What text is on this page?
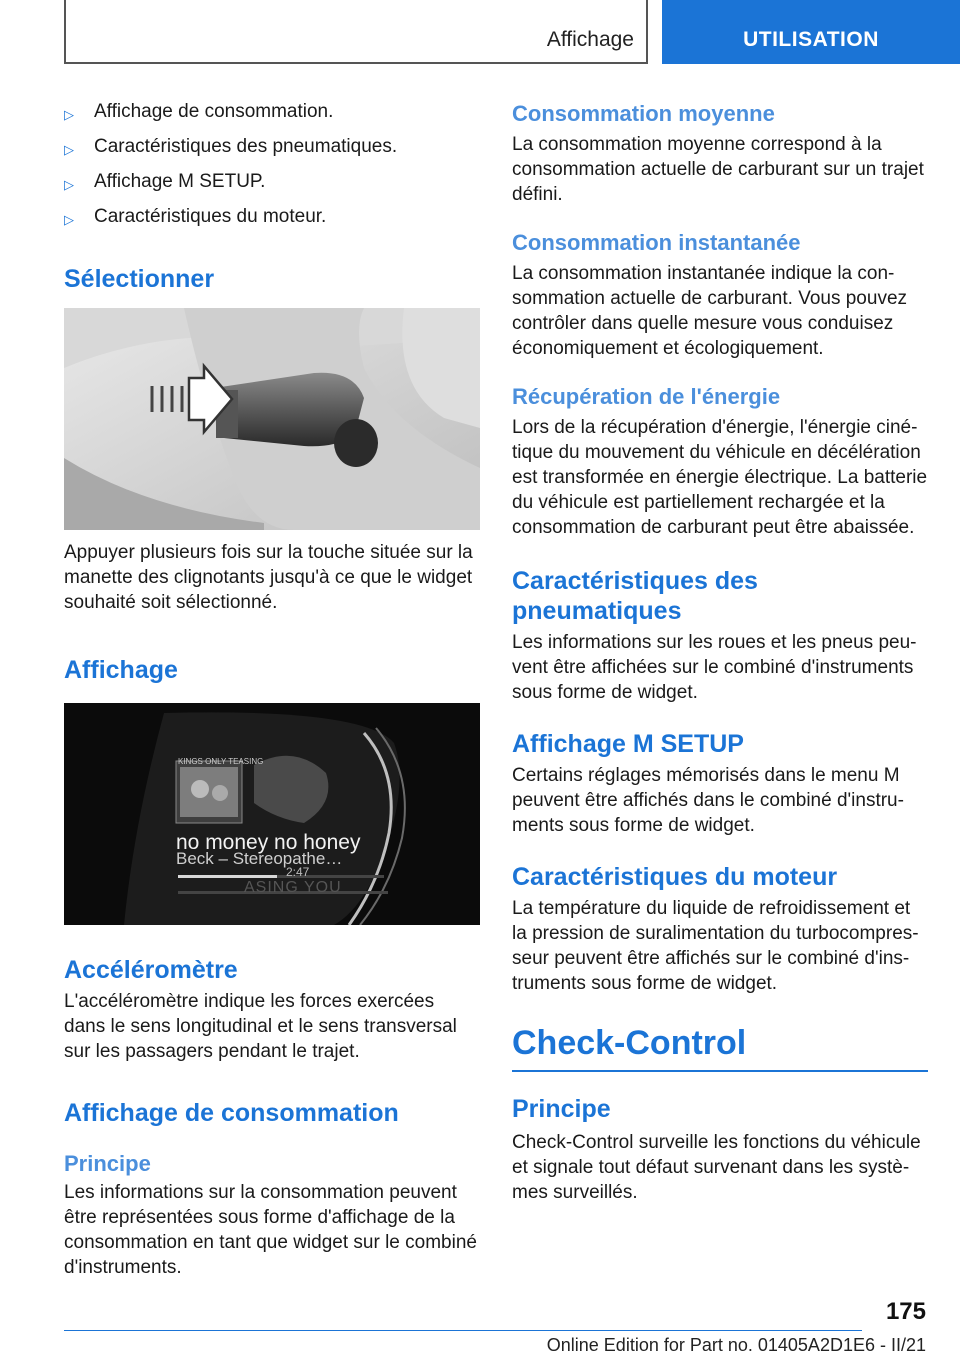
Affichage	UTILISATION
▷	Affichage de consommation.
▷	Caractéristiques des pneumatiques.
▷	Affichage M SETUP.
▷	Caractéristiques du moteur.
Sélectionner

Appuyer plusieurs fois sur la touche située sur la manette des clignotants jusqu'à ce que le widget souhaité soit sélectionné.

Affichage
KINGS ONLY TEASING
no money no honey
Beck – Stereopathe…
2:47
ASING YOU
Accéléromètre

L'accéléromètre indique les forces exercées dans le sens longitudinal et le sens transversal sur les passagers pendant le trajet.

Affichage de consommation
Principe

Les informations sur la consommation peuvent être représentées sous forme d'affichage de la consommation en tant que widget sur le combiné d'instruments.

Consommation moyenne

La consommation moyenne correspond à la consommation actuelle de carburant sur un trajet défini.

Consommation instantanée

La consommation instantanée indique la consommation actuelle de carburant. Vous pouvez contrôler dans quelle mesure vous conduisez économiquement et écologiquement.

Récupération de l'énergie

Lors de la récupération d'énergie, l'énergie cinétique du mouvement du véhicule en décélération est transformée en énergie électrique. La batterie du véhicule est partiellement rechargée et la consommation de carburant peut être abaissée.

Caractéristiques des pneumatiques

Les informations sur les roues et les pneus peuvent être affichées sur le combiné d'instruments sous forme de widget.

Affichage M SETUP

Certains réglages mémorisés dans le menu M peuvent être affichés dans le combiné d'instruments sous forme de widget.

Caractéristiques du moteur

La température du liquide de refroidissement et la pression de suralimentation du turbocompresseur peuvent être affichés sur le combiné d'instruments sous forme de widget.

Check-Control
Principe

Check-Control surveille les fonctions du véhicule et signale tout défaut survenant dans les systèmes surveillés.

175
Online Edition for Part no. 01405A2D1E6 - II/21
